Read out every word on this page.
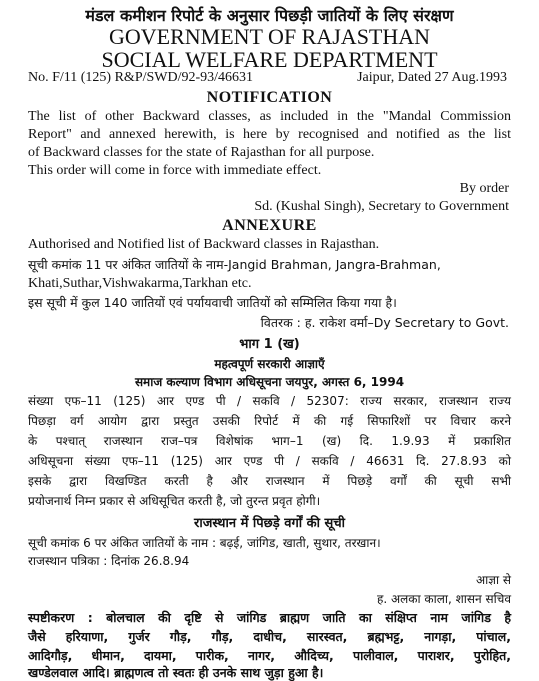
मंडल कमीशन रिपोर्ट के अनुसार पिछड़ी जातियों के लिए संरक्षण
GOVERNMENT OF RAJASTHAN
SOCIAL WELFARE DEPARTMENT
No. F/11 (125) R&P/SWD/92-93/46631	Jaipur, Dated 27 Aug.1993
NOTIFICATION
The list of other Backward classes, as included in the "Mandal Commission
Report" and annexed herewith, is here by recognised and notified as the list
of Backward classes for the state of Rajasthan for all purpose.
This order will come in force with immediate effect.
By order
Sd. (Kushal Singh), Secretary to Government
ANNEXURE
Authorised and Notified list of Backward classes in Rajasthan.
सूची कमांक 11 पर अंकित जातियों के नाम-Jangid Brahman, Jangra-Brahman,
Khati,Suthar,Vishwakarma,Tarkhan etc.
इस सूची में कुल 140 जातियों एवं पर्यायवाची जातियों को सम्मिलित किया गया है।
वितरक : ह. राकेश वर्मा–Dy Secretary to Govt.
भाग 1 (ख)
महत्वपूर्ण सरकारी आज्ञाएँ
समाज कल्याण विभाग अधिसूचना जयपुर, अगस्त 6, 1994
संख्या एफ–11 (125) आर एण्ड पी / सकवि / 52307: राज्य सरकार, राजस्थान राज्य
पिछड़ा वर्ग आयोग द्वारा प्रस्तुत उसकी रिपोर्ट में की गई सिफारिशों पर विचार करने
के पश्चात् राजस्थान राज–पत्र विशेषांक भाग–1 (ख) दि. 1.9.93 में प्रकाशित
अधिसूचना संख्या एफ–11 (125) आर एण्ड पी / सकवि / 46631 दि. 27.8.93 को
इसके द्वारा विखण्डित करती है और राजस्थान में पिछड़े वर्गों की सूची सभी
प्रयोजनार्थ निम्न प्रकार से अधिसूचित करती है, जो तुरन्त प्रवृत होगी।
राजस्थान में पिछड़े वर्गों की सूची
सूची कमांक 6 पर अंकित जातियों के नाम : बढ़ई, जांगिड, खाती, सुथार, तरखान।
राजस्थान पत्रिका : दिनांक 26.8.94
आज्ञा से
ह. अलका काला, शासन सचिव
स्पष्टीकरण : बोलचाल की दृष्टि से जांगिड ब्राह्मण जाति का संक्षिप्त नाम जांगिड है
जैसे हरियाणा, गुर्जर गौड़, गौड़, दाधीच, सारस्वत, ब्रह्मभट्ट, नागड़ा, पांचाल,
आदिगौड़, धीमान, दायमा, पारीक, नागर, औदिच्य, पालीवाल, पाराशर, पुरोहित,
खण्डेलवाल आदि। ब्राह्मणत्व तो स्वतः ही उनके साथ जुड़ा हुआ है।
